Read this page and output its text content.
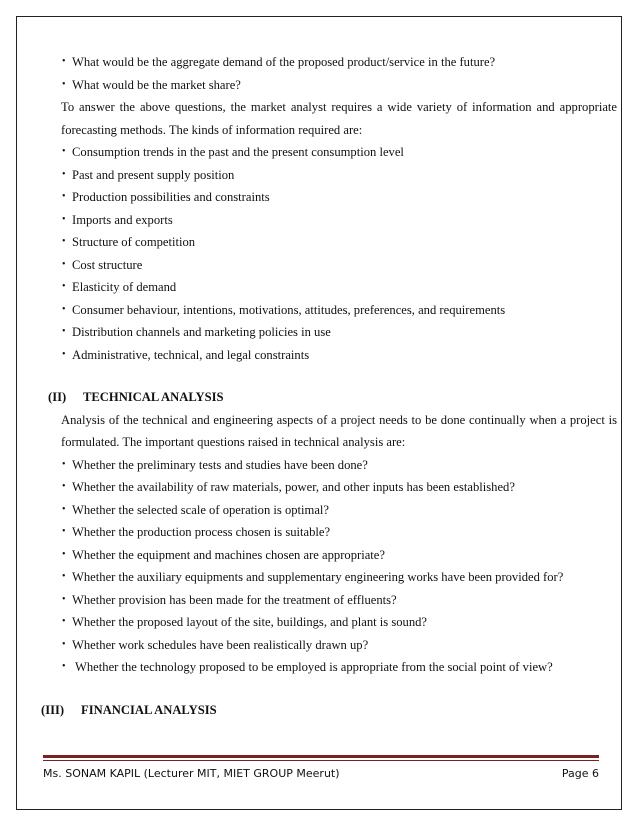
• What would be the aggregate demand of the proposed product/service in the future?
• What would be the market share?

To answer the above questions, the market analyst requires a wide variety of information and appropriate forecasting methods. The kinds of information required are:

• Consumption trends in the past and the present consumption level
• Past and present supply position
• Production possibilities and constraints
• Imports and exports
• Structure of competition
• Cost structure
• Elasticity of demand
• Consumer behaviour, intentions, motivations, attitudes, preferences, and requirements
• Distribution channels and marketing policies in use
• Administrative, technical, and legal constraints
(II) TECHNICAL ANALYSIS

Analysis of the technical and engineering aspects of a project needs to be done continually when a project is formulated. The important questions raised in technical analysis are:

• Whether the preliminary tests and studies have been done?
• Whether the availability of raw materials, power, and other inputs has been established?
• Whether the selected scale of operation is optimal?
• Whether the production process chosen is suitable?
• Whether the equipment and machines chosen are appropriate?
• Whether the auxiliary equipments and supplementary engineering works have been provided for?
• Whether provision has been made for the treatment of effluents?
• Whether the proposed layout of the site, buildings, and plant is sound?
• Whether work schedules have been realistically drawn up?
• Whether the technology proposed to be employed is appropriate from the social point of view?
(III) FINANCIAL ANALYSIS
Ms. SONAM KAPIL (Lecturer MIT, MIET GROUP Meerut)	Page 6
